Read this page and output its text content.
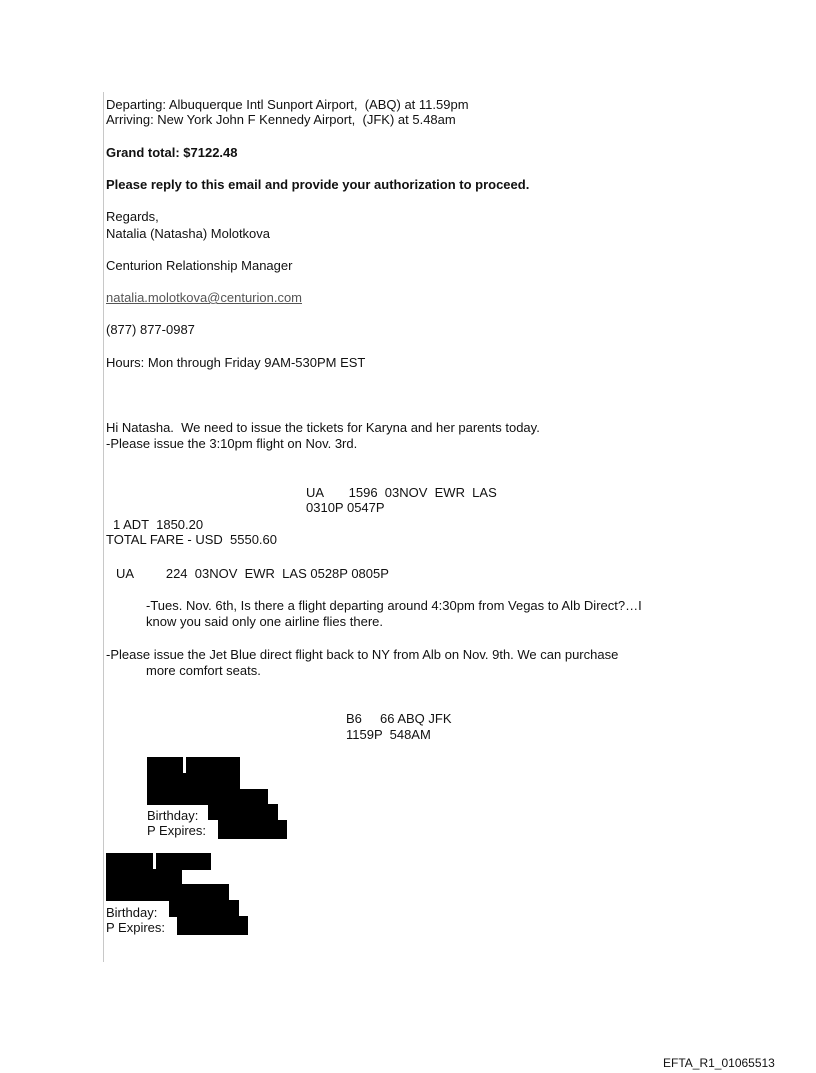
Departing: Albuquerque Intl Sunport Airport,  (ABQ) at 11.59pm
Arriving: New York John F Kennedy Airport,  (JFK) at 5.48am
Grand total: $7122.48
Please reply to this email and provide your authorization to proceed.
Regards,
Natalia (Natasha) Molotkova
Centurion Relationship Manager
natalia.molotkova@centurion.com
(877) 877-0987
Hours: Mon through Friday 9AM-530PM EST
Hi Natasha.  We need to issue the tickets for Karyna and her parents today.
-Please issue the 3:10pm flight on Nov. 3rd.
UA       1596  03NOV  EWR  LAS
0310P 0547P
1 ADT  1850.20
TOTAL FARE - USD  5550.60
UA         224  03NOV  EWR  LAS 0528P 0805P
-Tues. Nov. 6th, Is there a flight departing around 4:30pm from Vegas to Alb Direct?…I
know you said only one airline flies there.
-Please issue the Jet Blue direct flight back to NY from Alb on Nov. 9th. We can purchase
more comfort seats.
B6     66 ABQ JFK
1159P  548AM
Birthday:
P Expires:
Birthday:
P Expires:
EFTA_R1_01065513
